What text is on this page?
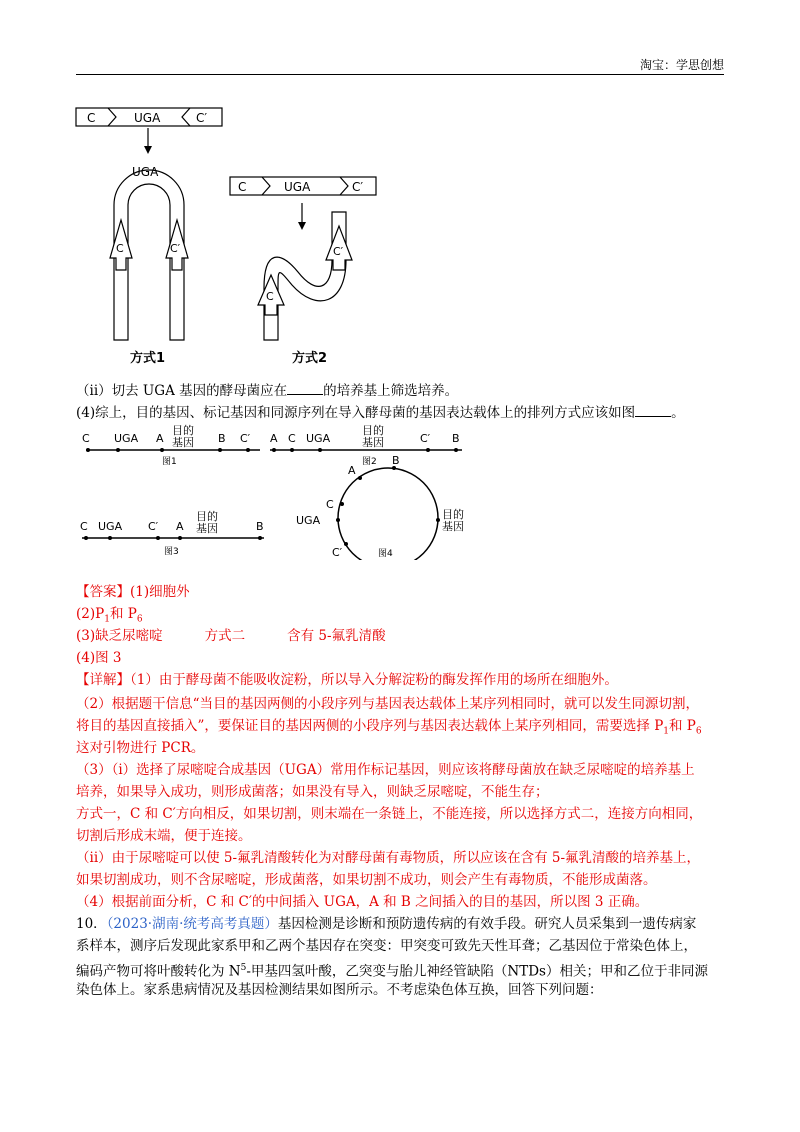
淘宝：学思创想
C	UGA	C′
UGA
C	C′
方式1
C	UGA	C′
C′
C
方式2
（ii）切去 UGA 基因的酵母菌应在	的培养基上筛选培养。
(4)综上，目的基因、标记基因和同源序列在导入酵母菌的基因表达载体上的排列方式应该如图	。
C UGA A
目的
基因 B C′
图1
A C UGA
目的
基因	C′ B
图2
C UGA C′ A
目的
基因	B
图3
A
B
C
UGA
C′
目的
基因
图4
【答案】(1)细胞外
$(2)P_1$和 $P_6$
(3)缺乏尿嘧啶	方式二	含有 5-氟乳清酸
(4)图 3
【详解】（1）由于酵母菌不能吸收淀粉，所以导入分解淀粉的酶发挥作用的场所在细胞外。
（2）根据题干信息“当目的基因两侧的小段序列与基因表达载体上某序列相同时，就可以发生同源切割，
将目的基因直接插入”，要保证目的基因两侧的小段序列与基因表达载体上某序列相同，需要选择 $P_1$和 $P_6$
这对引物进行 PCR。
（3）（i）选择了尿嘧啶合成基因（UGA）常用作标记基因，则应该将酵母菌放在缺乏尿嘧啶的培养基上
培养，如果导入成功，则形成菌落；如果没有导入，则缺乏尿嘧啶，不能生存；
方式一，C 和 C′方向相反，如果切割，则末端在一条链上，不能连接，所以选择方式二，连接方向相同，
切割后形成末端，便于连接。
（ii）由于尿嘧啶可以使 5-氟乳清酸转化为对酵母菌有毒物质，所以应该在含有 5-氟乳清酸的培养基上，
如果切割成功，则不含尿嘧啶，形成菌落，如果切割不成功，则会产生有毒物质，不能形成菌落。
（4）根据前面分析，C 和 C′的中间插入 UGA，A 和 B 之间插入的目的基因，所以图 3 正确。
10．（2023·湖南·统考高考真题）基因检测是诊断和预防遗传病的有效手段。研究人员采集到一遗传病家
系样本，测序后发现此家系甲和乙两个基因存在突变：甲突变可致先天性耳聋；乙基因位于常染色体上，
编码产物可将叶酸转化为 $N^5-$甲基四氢叶酸，乙突变与胎儿神经管缺陷（NTDs）相关；甲和乙位于非同源
染色体上。家系患病情况及基因检测结果如图所示。不考虑染色体互换，回答下列问题：
